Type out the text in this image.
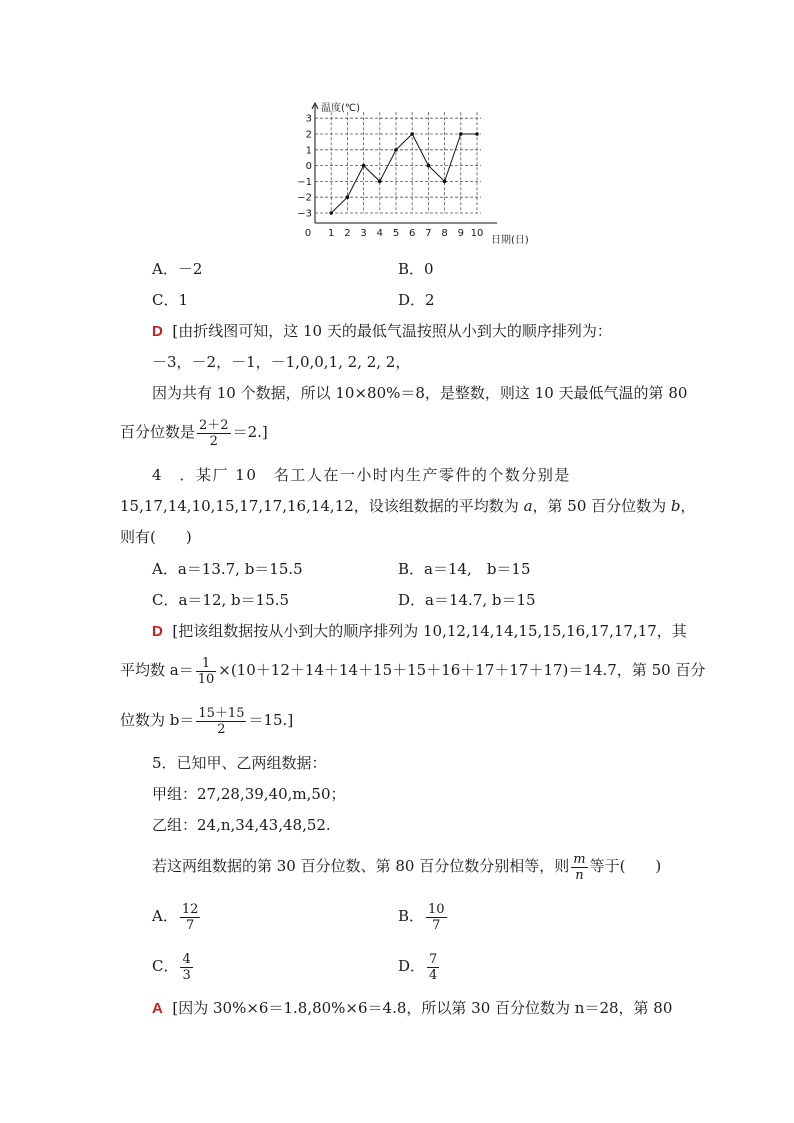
0 1 2 3 4 5 6 7 8 9 10
3
2
1
0
−1
−2
−3
温度(℃)
日期(日)
A．－2	B．0
C．1	D．2
D [由折线图可知，这 10 天的最低气温按照从小到大的顺序排列为：
－3，－2，－1，－1,0,0,1, 2, 2, 2，
因为共有 10 个数据，所以 10×80%＝8，是整数，则这 10 天最低气温的第 80
百分位数是 $\frac{2+2}{2} =2$.]
4　．某厂 10　名工人在一小时内生产零件的个数分别是
15,17,14,10,15,17,17,16,14,12，设该组数据的平均数为 a，第 50 百分位数为 b，
则有(　　)
A．a＝13.7, b＝15.5	B．a＝14,　b＝15
C．a＝12, b＝15.5	D．a＝14.7, b＝15
D [把该组数据按从小到大的顺序排列为 10,12,14,14,15,15,16,17,17,17，其
平均数 $a= \frac{1}{10} \times(10+12+14+14+15+15+16+17+17+17)=14.7$，第 50 百分
位数为 $b= \frac{15+15}{2} =15$.]
5．已知甲、乙两组数据：
甲组：27,28,39,40,m,50；
乙组：24,n,34,43,48,52.
若这两组数据的第 30 百分位数、第 80 百分位数分别相等，则 $\frac{m}{n}$ 等于(　　)
A． $\frac{12}{7}$	B． $\frac{10}{7}$
C． $\frac{4}{3}$	D． $\frac{7}{4}$
A [因为 30%×6＝1.8,80%×6＝4.8，所以第 30 百分位数为 n＝28，第 80
